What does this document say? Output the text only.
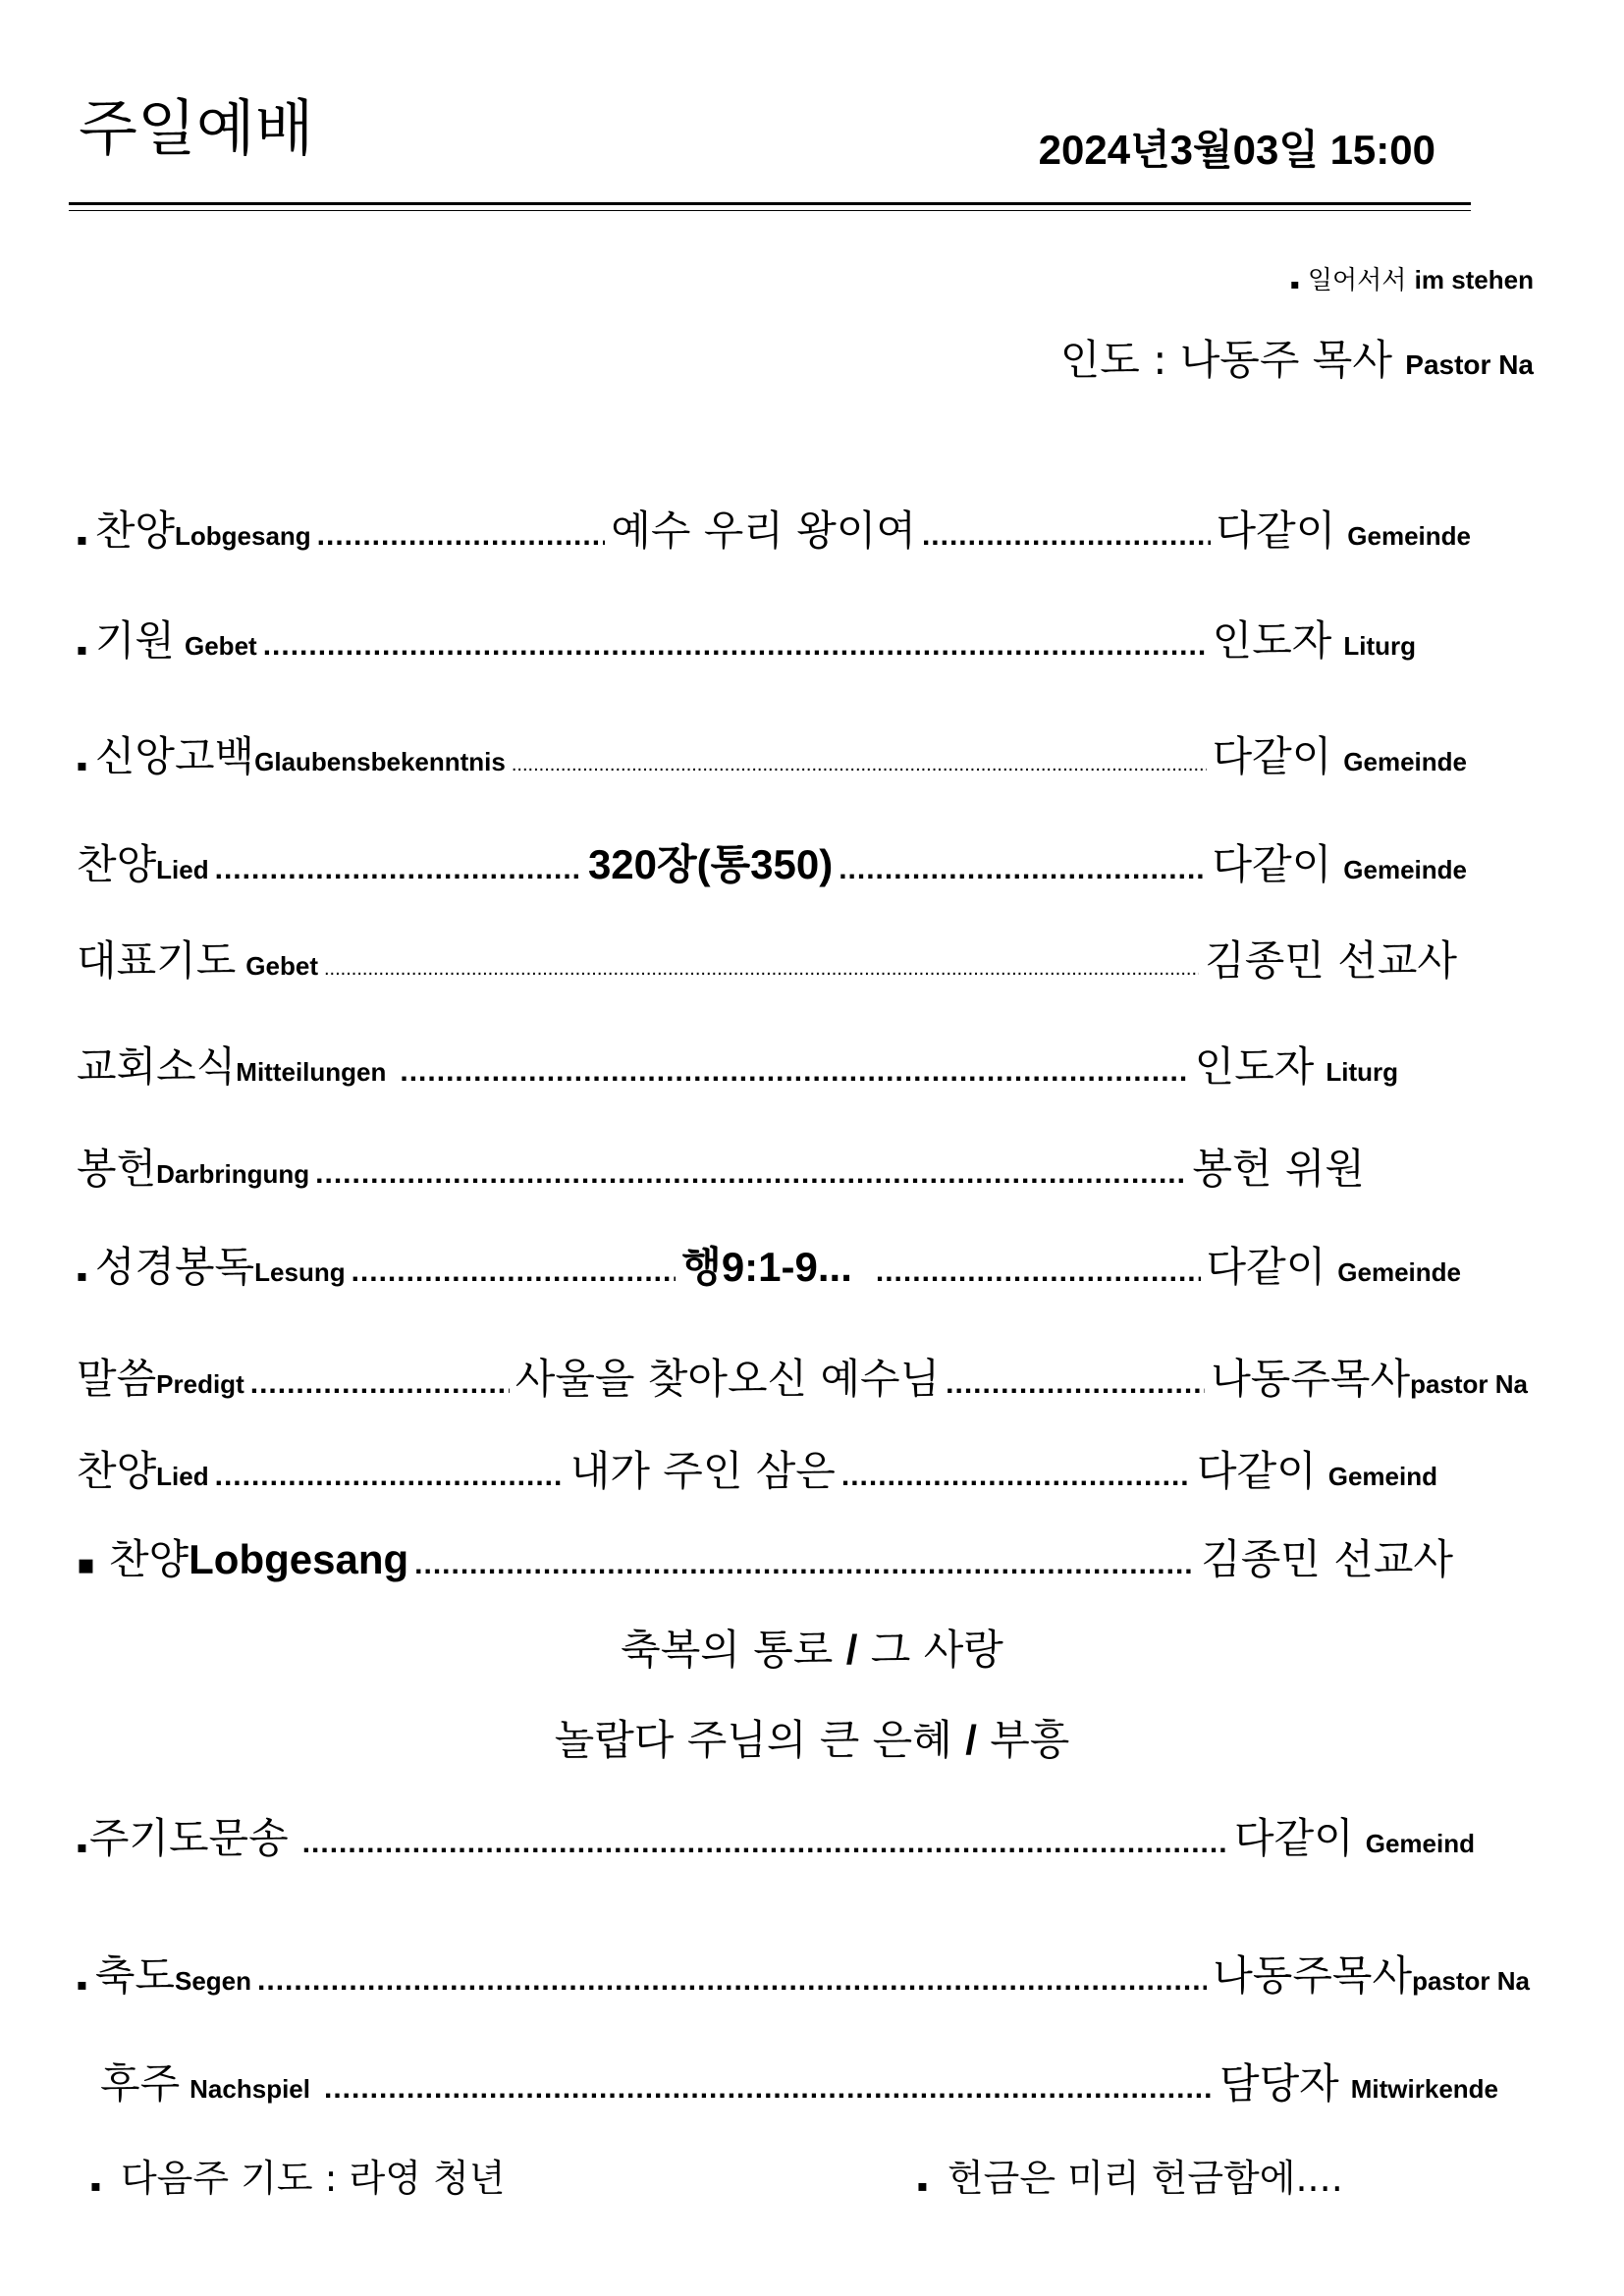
주일예배	2024년3월03일 15:00
▪ 일어서서 im stehen
인도 : 나동주 목사 Pastor Na
▪ 찬양 Lobgesang .....	예수 우리 왕이여 .....	다같이 Gemeinde
▪ 기원 Gebet .....	인도자 Liturg
▪ 신앙고백 Glaubensbekenntnis .....	다같이 Gemeinde
찬양 Lied .....	320장(통350) .....	다같이 Gemeinde
대표기도 Gebet .....	김종민 선교사
교회소식 Mitteilungen .....	인도자 Liturg
봉헌 Darbringung .....	봉헌 위원
▪ 성경봉독 Lesung .....	행9:1-9... .....	다같이 Gemeinde
말씀 Predigt .....	사울을 찾아오신 예수님 .....	나동주목사 pastor Na
찬양 Lied .....	내가 주인 삼은 .....	다같이 Gemeind
▪ 찬양 Lobgesang .....	김종민 선교사
축복의 통로 / 그 사랑
놀랍다 주님의 큰 은혜 / 부흥
▪ 주기도문송 .....	다같이 Gemeind
▪ 축도 Segen .....	나동주목사 pastor Na
후주 Nachspiel .....	담당자 Mitwirkende
▪ 다음주 기도 : 라영 청년	▪ 헌금은 미리 헌금함에....
